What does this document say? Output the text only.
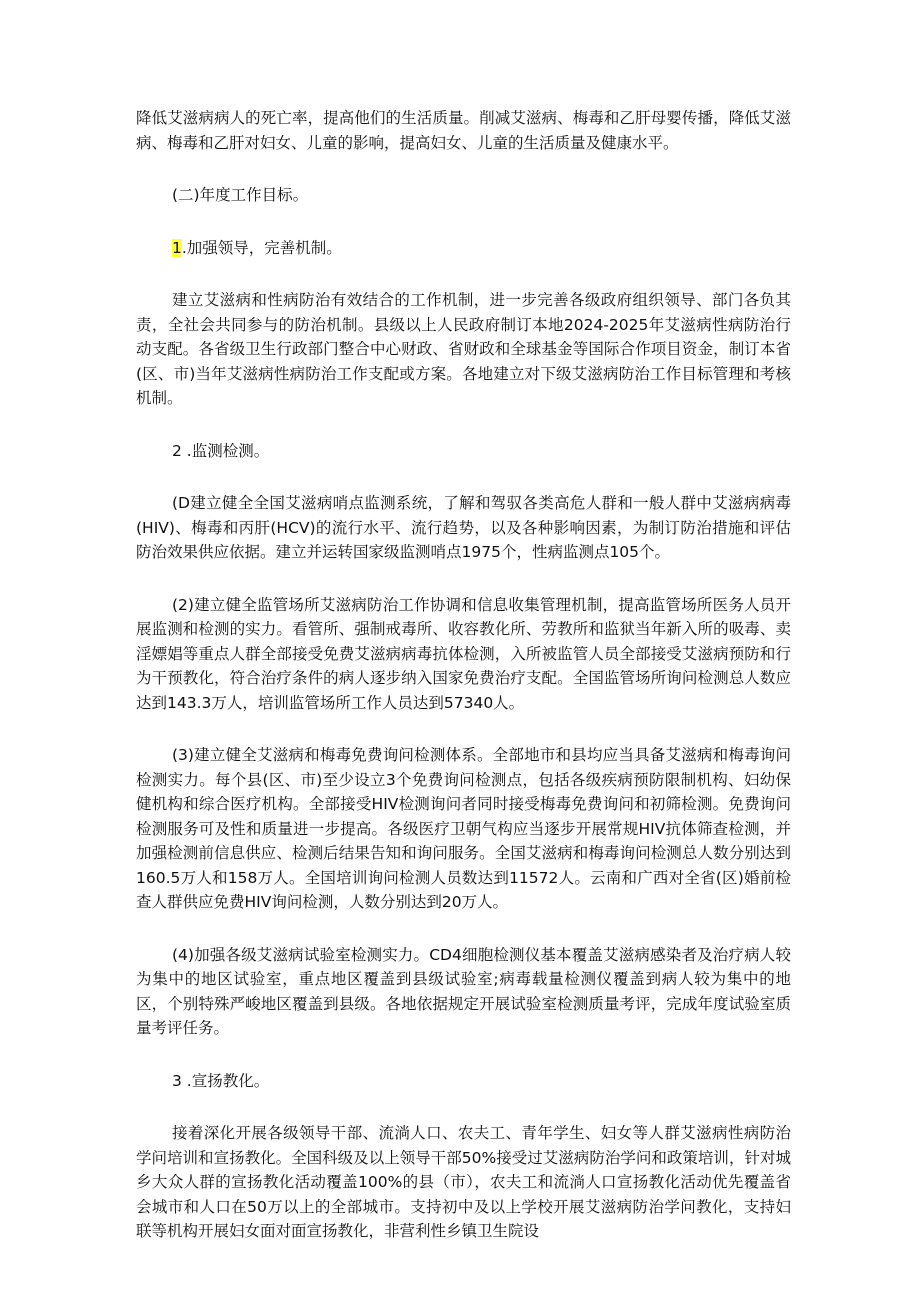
降低艾滋病病人的死亡率，提高他们的生活质量。削减艾滋病、梅毒和乙肝母婴传播，降低艾滋病、梅毒和乙肝对妇女、儿童的影响，提高妇女、儿童的生活质量及健康水平。

(二)年度工作目标。

1.加强领导，完善机制。

建立艾滋病和性病防治有效结合的工作机制，进一步完善各级政府组织领导、部门各负其责，全社会共同参与的防治机制。县级以上人民政府制订本地2024-2025年艾滋病性病防治行动支配。各省级卫生行政部门整合中心财政、省财政和全球基金等国际合作项目资金，制订本省(区、市)当年艾滋病性病防治工作支配或方案。各地建立对下级艾滋病防治工作目标管理和考核机制。

2 .监测检测。

(D建立健全全国艾滋病哨点监测系统，了解和驾驭各类高危人群和一般人群中艾滋病病毒(HIV)、梅毒和丙肝(HCV)的流行水平、流行趋势，以及各种影响因素，为制订防治措施和评估防治效果供应依据。建立并运转国家级监测哨点1975个，性病监测点105个。

(2)建立健全监管场所艾滋病防治工作协调和信息收集管理机制，提高监管场所医务人员开展监测和检测的实力。看管所、强制戒毒所、收容教化所、劳教所和监狱当年新入所的吸毒、卖淫嫖娼等重点人群全部接受免费艾滋病病毒抗体检测，入所被监管人员全部接受艾滋病预防和行为干预教化，符合治疗条件的病人逐步纳入国家免费治疗支配。全国监管场所询问检测总人数应达到143.3万人，培训监管场所工作人员达到57340人。

(3)建立健全艾滋病和梅毒免费询问检测体系。全部地市和县均应当具备艾滋病和梅毒询问检测实力。每个县(区、市)至少设立3个免费询问检测点，包括各级疾病预防限制机构、妇幼保健机构和综合医疗机构。全部接受HIV检测询问者同时接受梅毒免费询问和初筛检测。免费询问检测服务可及性和质量进一步提高。各级医疗卫朝气构应当逐步开展常规HIV抗体筛查检测，并加强检测前信息供应、检测后结果告知和询问服务。全国艾滋病和梅毒询问检测总人数分别达到160.5万人和158万人。全国培训询问检测人员数达到11572人。云南和广西对全省(区)婚前检查人群供应免费HIV询问检测，人数分别达到20万人。

(4)加强各级艾滋病试验室检测实力。CD4细胞检测仪基本覆盖艾滋病感染者及治疗病人较为集中的地区试验室，重点地区覆盖到县级试验室;病毒载量检测仪覆盖到病人较为集中的地区，个别特殊严峻地区覆盖到县级。各地依据规定开展试验室检测质量考评，完成年度试验室质量考评任务。

3 .宣扬教化。

接着深化开展各级领导干部、流淌人口、农夫工、青年学生、妇女等人群艾滋病性病防治学问培训和宣扬教化。全国科级及以上领导干部50%接受过艾滋病防治学问和政策培训，针对城乡大众人群的宣扬教化活动覆盖100%的县（市），农夫工和流淌人口宣扬教化活动优先覆盖省会城市和人口在50万以上的全部城市。支持初中及以上学校开展艾滋病防治学问教化，支持妇联等机构开展妇女面对面宣扬教化，非营利性乡镇卫生院设
